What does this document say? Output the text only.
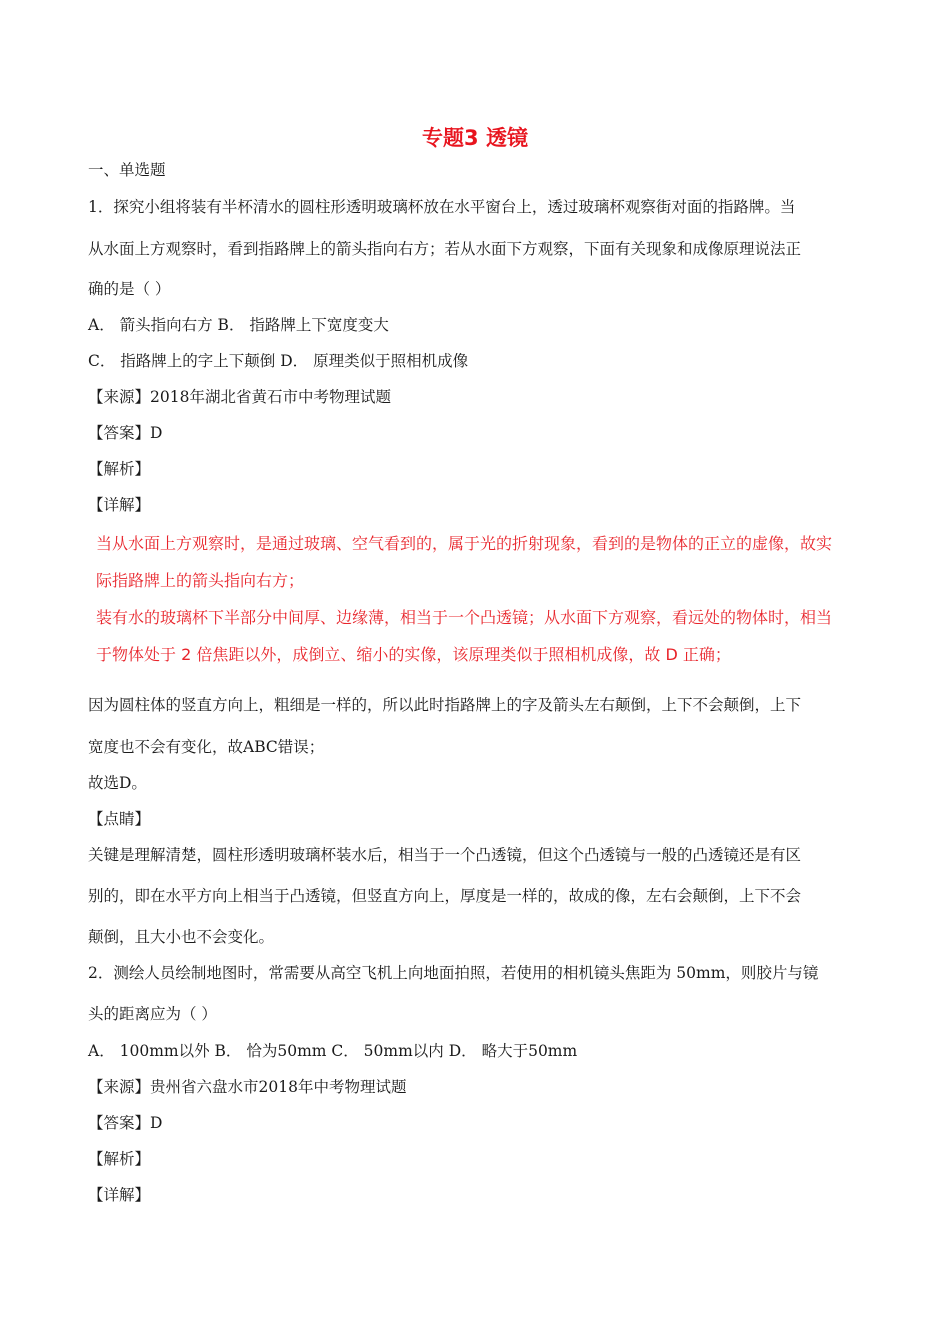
专题3 透镜
一、单选题
1．探究小组将装有半杯清水的圆柱形透明玻璃杯放在水平窗台上，透过玻璃杯观察街对面的指路牌。当
从水面上方观察时，看到指路牌上的箭头指向右方；若从水面下方观察，下面有关现象和成像原理说法正
确的是（ ）
A． 箭头指向右方 B． 指路牌上下宽度变大
C． 指路牌上的字上下颠倒 D． 原理类似于照相机成像
【来源】2018年湖北省黄石市中考物理试题
【答案】D
【解析】
【详解】
当从水面上方观察时，是通过玻璃、空气看到的，属于光的折射现象，看到的是物体的正立的虚像，故实
际指路牌上的箭头指向右方；
装有水的玻璃杯下半部分中间厚、边缘薄，相当于一个凸透镜；从水面下方观察，看远处的物体时，相当
于物体处于 2 倍焦距以外，成倒立、缩小的实像，该原理类似于照相机成像，故 D 正确；
因为圆柱体的竖直方向上，粗细是一样的，所以此时指路牌上的字及箭头左右颠倒，上下不会颠倒，上下
宽度也不会有变化，故ABC错误；
故选D。
【点睛】
关键是理解清楚，圆柱形透明玻璃杯装水后，相当于一个凸透镜，但这个凸透镜与一般的凸透镜还是有区
别的，即在水平方向上相当于凸透镜，但竖直方向上，厚度是一样的，故成的像，左右会颠倒，上下不会
颠倒，且大小也不会变化。
2．测绘人员绘制地图时，常需要从高空飞机上向地面拍照，若使用的相机镜头焦距为 50mm，则胶片与镜
头的距离应为（ ）
A． 100mm以外 B． 恰为50mm C． 50mm以内 D． 略大于50mm
【来源】贵州省六盘水市2018年中考物理试题
【答案】D
【解析】
【详解】
